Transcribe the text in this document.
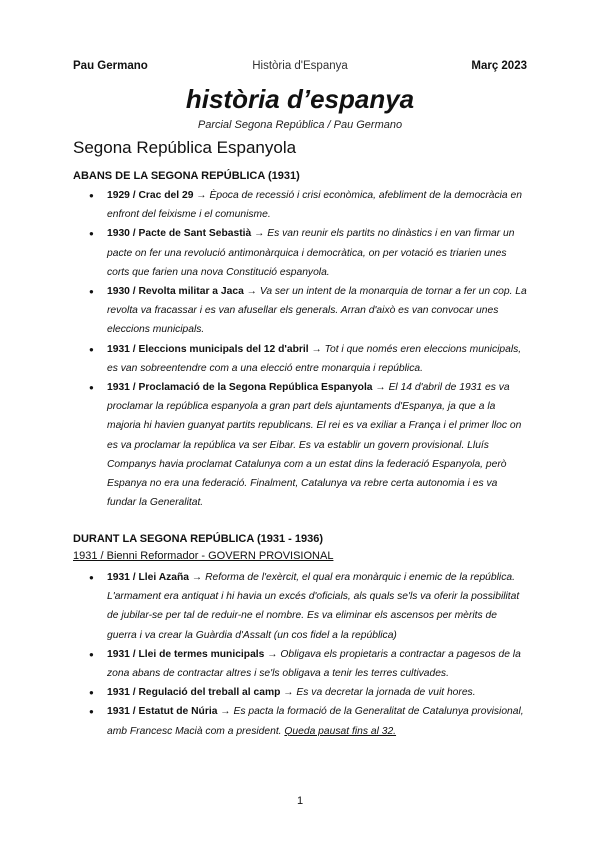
Pau Germano	Història d'Espanya	Març 2023
història d’espanya
Parcial Segona República / Pau Germano
Segona República Espanyola
ABANS DE LA SEGONA REPÚBLICA (1931)
● 1929 / Crac del 29 → Època de recessió i crisi econòmica, afebliment de la democràcia en enfront del feixisme i el comunisme.
● 1930 / Pacte de Sant Sebastià → Es van reunir els partits no dinàstics i en van firmar un pacte on fer una revolució antimonàrquica i democràtica, on per votació es triarien unes corts que farien una nova Constitució espanyola.
● 1930 / Revolta militar a Jaca → Va ser un intent de la monarquia de tornar a fer un cop. La revolta va fracassar i es van afusellar els generals. Arran d'això es van convocar unes eleccions municipals.
● 1931 / Eleccions municipals del 12 d'abril → Tot i que només eren eleccions municipals, es van sobreentendre com a una elecció entre monarquia i república.
● 1931 / Proclamació de la Segona República Espanyola → El 14 d'abril de 1931 es va proclamar la república espanyola a gran part dels ajuntaments d'Espanya, ja que a la majoria hi havien guanyat partits republicans. El rei es va exiliar a França i el primer lloc on es va proclamar la república va ser Eibar. Es va establir un govern provisional. Lluís Companys havia proclamat Catalunya com a un estat dins la federació Espanyola, però Espanya no era una federació. Finalment, Catalunya va rebre certa autonomia i es va fundar la Generalitat.
DURANT LA SEGONA REPÚBLICA (1931 - 1936)
1931 / Bienni Reformador - GOVERN PROVISIONAL
● 1931 / Llei Azaña → Reforma de l'exèrcit, el qual era monàrquic i enemic de la república. L'armament era antiquat i hi havia un excés d'oficials, als quals se'ls va oferir la possibilitat de jubilar-se per tal de reduir-ne el nombre. Es va eliminar els ascensos per mèrits de guerra i va crear la Guàrdia d'Assalt (un cos fidel a la república)
● 1931 / Llei de termes municipals → Obligava els propietaris a contractar a pagesos de la zona abans de contractar altres i se'ls obligava a tenir les terres cultivades.
● 1931 / Regulació del treball al camp → Es va decretar la jornada de vuit hores.
● 1931 / Estatut de Núria → Es pacta la formació de la Generalitat de Catalunya provisional, amb Francesc Macià com a president. Queda pausat fins al 32.
1
